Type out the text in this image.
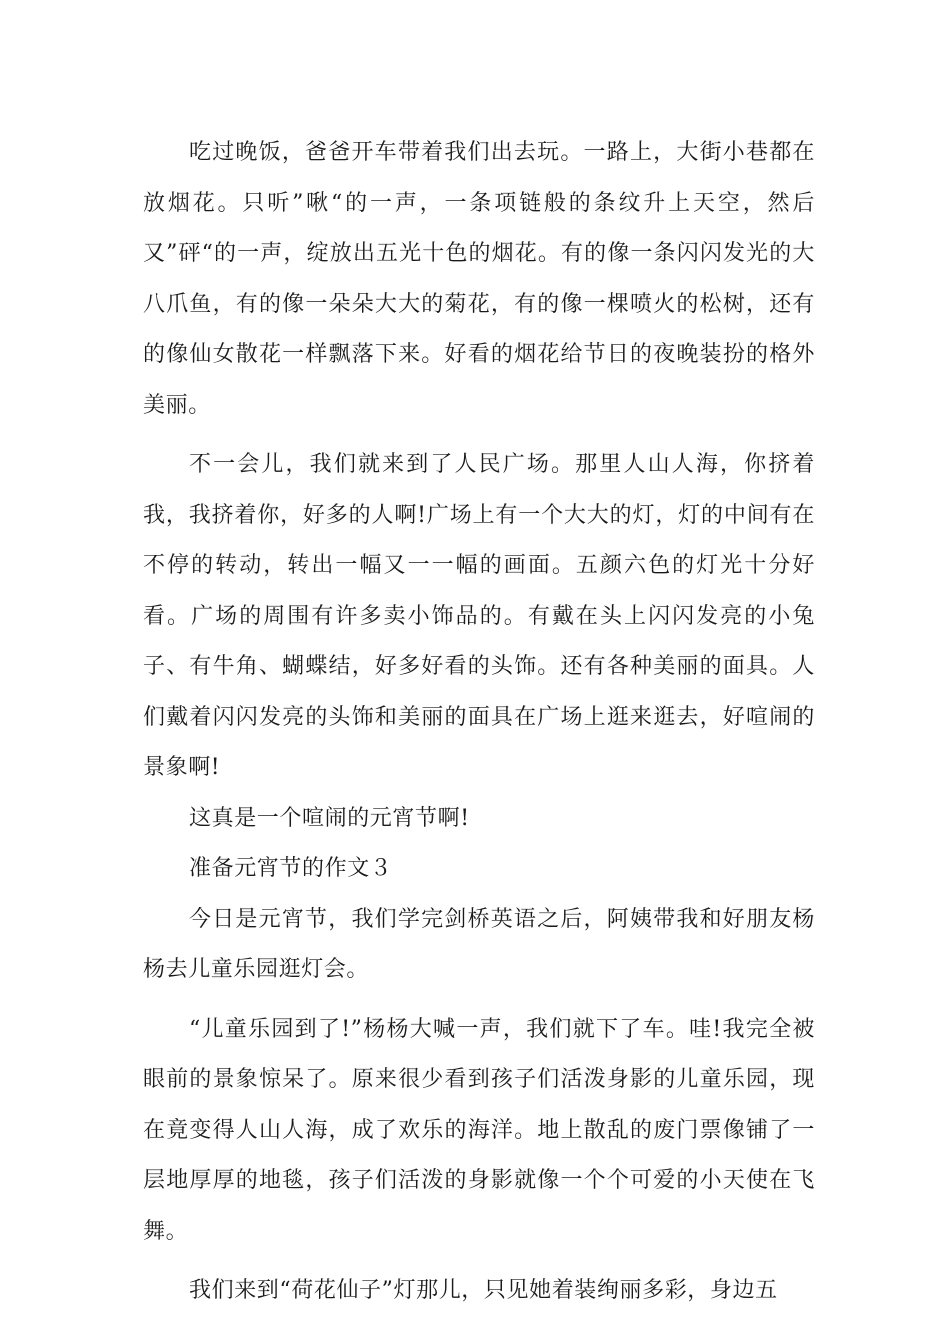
吃过晚饭，爸爸开车带着我们出去玩。一路上，大街小巷都在放烟花。只听”啾“的一声，一条项链般的条纹升上天空，然后又”砰“的一声，绽放出五光十色的烟花。有的像一条闪闪发光的大八爪鱼，有的像一朵朵大大的菊花，有的像一棵喷火的松树，还有的像仙女散花一样飘落下来。好看的烟花给节日的夜晚装扮的格外美丽。

不一会儿，我们就来到了人民广场。那里人山人海，你挤着我，我挤着你，好多的人啊!广场上有一个大大的灯，灯的中间有在不停的转动，转出一幅又一一幅的画面。五颜六色的灯光十分好看。广场的周围有许多卖小饰品的。有戴在头上闪闪发亮的小兔子、有牛角、蝴蝶结，好多好看的头饰。还有各种美丽的面具。人们戴着闪闪发亮的头饰和美丽的面具在广场上逛来逛去，好喧闹的景象啊!

这真是一个喧闹的元宵节啊!

准备元宵节的作文３

今日是元宵节，我们学完剑桥英语之后，阿姨带我和好朋友杨杨去儿童乐园逛灯会。

“儿童乐园到了!”杨杨大喊一声，我们就下了车。哇!我完全被眼前的景象惊呆了。原来很少看到孩子们活泼身影的儿童乐园，现在竟变得人山人海，成了欢乐的海洋。地上散乱的废门票像铺了一层地厚厚的地毯，孩子们活泼的身影就像一个个可爱的小天使在飞舞。

我们来到“荷花仙子”灯那儿，只见她着装绚丽多彩，身边五
